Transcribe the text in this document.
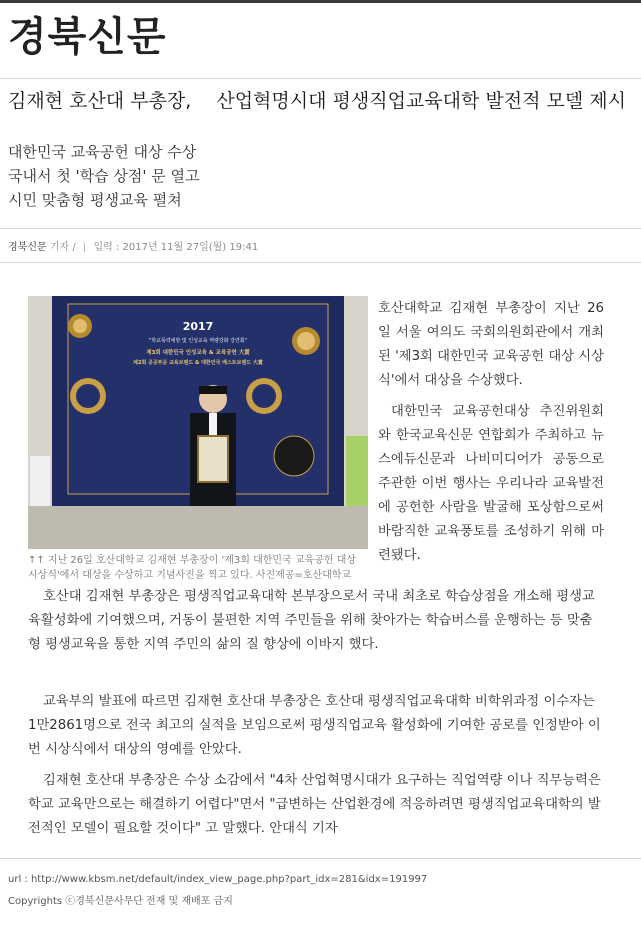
경북신문
김재현 호산대 부총장, 　산업혁명시대 평생직업교육대학 발전적 모델 제시
대한민국 교육공헌 대상 수상
국내서 첫 '학습 상점' 문 열고
시민 맞춤형 평생교육 펼쳐
경북신문 기자 / | 입력 : 2017년 11월 27일(월) 19:41
2017
"학교폭력예방 및 인성교육 역량강화 강연회"
제3회 대한민국 인성교육 & 교육공헌 大賞
제2회 공공부문 교육브랜드 & 대한민국 베스트브랜드 大賞
↑↑ 지난 26일 호산대학교 김재현 부총장이 '제3회 대한민국 교육공헌 대상 시상식'에서 대상을 수상하고 기념사진을 찍고 있다. 사진제공=호산대학교
호산대학교 김재현 부총장이 지난 26일 서울 여의도 국회의원회관에서 개최된 '제3회 대한민국 교육공헌 대상 시상식'에서 대상을 수상했다.
대한민국 교육공헌대상 추진위원회와 한국교육신문 연합회가 주최하고 뉴스에듀신문과 나비미디어가 공동으로 주관한 이번 행사는 우리나라 교육발전에 공헌한 사람을 발굴해 포상함으로써 바람직한 교육풍토를 조성하기 위해 마련됐다.
호산대 김재현 부총장은 평생직업교육대학 본부장으로서 국내 최초로 학습상점을 개소해 평생교육활성화에 기여했으며, 거동이 불편한 지역 주민들을 위해 찾아가는 학습버스를 운행하는 등 맞춤형 평생교육을 통한 지역 주민의 삶의 질 향상에 이바지 했다.
교육부의 발표에 따르면 김재현 호산대 부총장은 호산대 평생직업교육대학 비학위과정 이수자는 1만2861명으로 전국 최고의 실적을 보임으로써 평생직업교육 활성화에 기여한 공로를 인정받아 이번 시상식에서 대상의 영예를 안았다.
김재현 호산대 부총장은 수상 소감에서 "4차 산업혁명시대가 요구하는 직업역량 이나 직무능력은 학교 교육만으로는 해결하기 어렵다"면서 "급변하는 산업환경에 적응하려면 평생직업교육대학의 발전적인 모델이 필요할 것이다" 고 말했다. 안대식 기자
url : http://www.kbsm.net/default/index_view_page.php?part_idx=281&idx=191997
Copyrights ⓒ경북신문사무단 전재 및 재배포 금지
